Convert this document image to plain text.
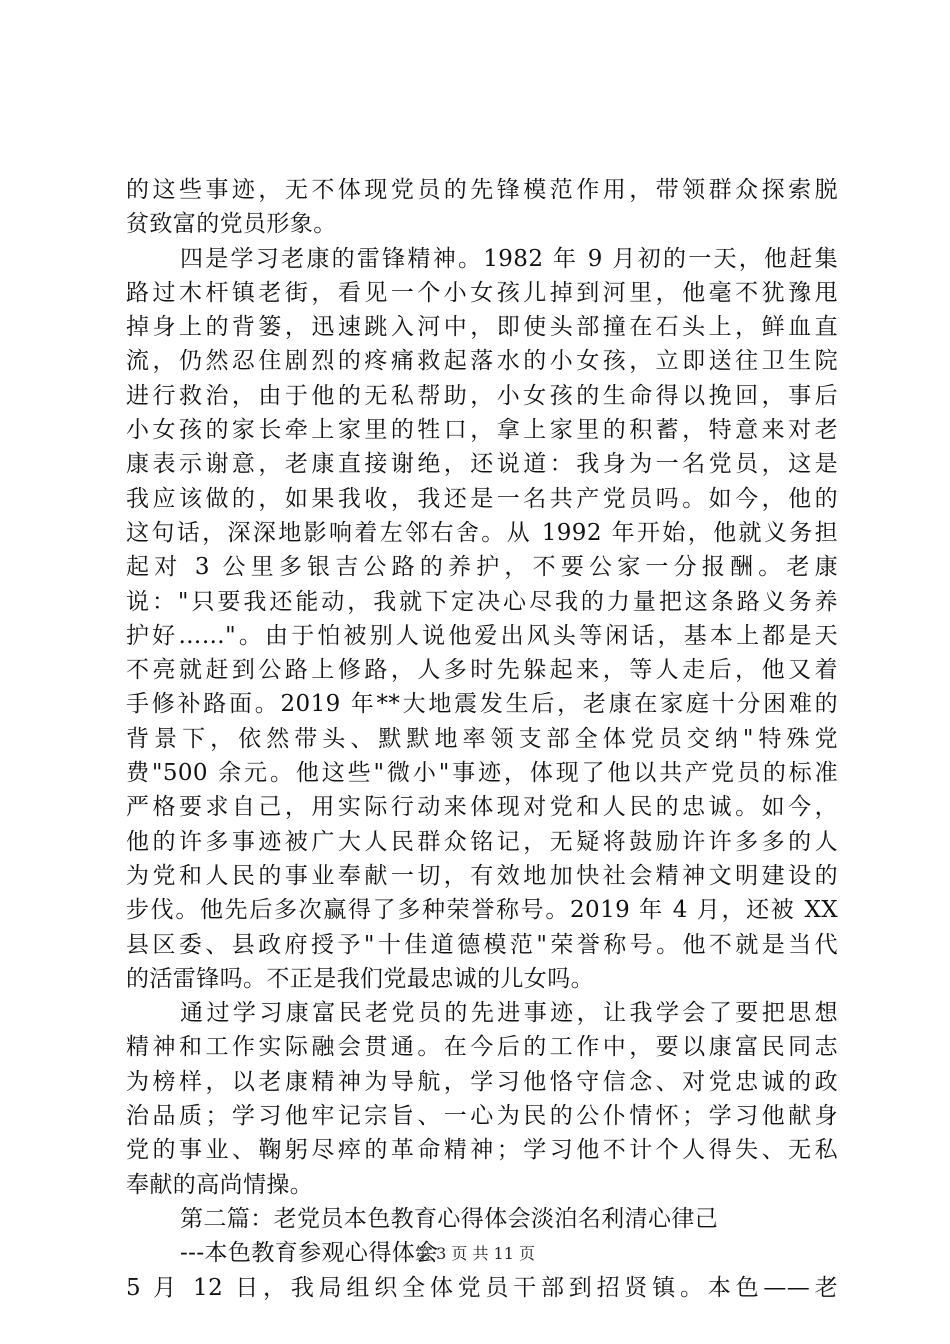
的这些事迹，无不体现党员的先锋模范作用，带领群众探索脱
贫致富的党员形象。
四是学习老康的雷锋精神。1982 年 9 月初的一天，他赶集
路过木杆镇老街，看见一个小女孩儿掉到河里，他毫不犹豫甩
掉身上的背篓，迅速跳入河中，即使头部撞在石头上，鲜血直
流，仍然忍住剧烈的疼痛救起落水的小女孩，立即送往卫生院
进行救治，由于他的无私帮助，小女孩的生命得以挽回，事后
小女孩的家长牵上家里的牲口，拿上家里的积蓄，特意来对老
康表示谢意，老康直接谢绝，还说道：我身为一名党员，这是
我应该做的，如果我收，我还是一名共产党员吗。如今，他的
这句话，深深地影响着左邻右舍。从 1992 年开始，他就义务担
起对 3 公里多银吉公路的养护，不要公家一分报酬。老康
说："只要我还能动，我就下定决心尽我的力量把这条路义务养
护好……"。由于怕被别人说他爱出风头等闲话，基本上都是天
不亮就赶到公路上修路，人多时先躲起来，等人走后，他又着
手修补路面。2019 年**大地震发生后，老康在家庭十分困难的
背景下，依然带头、默默地率领支部全体党员交纳"特殊党
费"500 余元。他这些"微小"事迹，体现了他以共产党员的标准
严格要求自己，用实际行动来体现对党和人民的忠诚。如今，
他的许多事迹被广大人民群众铭记，无疑将鼓励许许多多的人
为党和人民的事业奉献一切，有效地加快社会精神文明建设的
步伐。他先后多次赢得了多种荣誉称号。2019 年 4 月，还被 XX
县区委、县政府授予"十佳道德模范"荣誉称号。他不就是当代
的活雷锋吗。不正是我们党最忠诚的儿女吗。
通过学习康富民老党员的先进事迹，让我学会了要把思想
精神和工作实际融会贯通。在今后的工作中，要以康富民同志
为榜样，以老康精神为导航，学习他恪守信念、对党忠诚的政
治品质；学习他牢记宗旨、一心为民的公仆情怀；学习他献身
党的事业、鞠躬尽瘁的革命精神；学习他不计个人得失、无私
奉献的高尚情操。
第二篇：老党员本色教育心得体会淡泊名利清心律己
---本色教育参观心得体会
5 月 12 日，我局组织全体党员干部到招贤镇。本色——老
第 3 页 共 11 页
